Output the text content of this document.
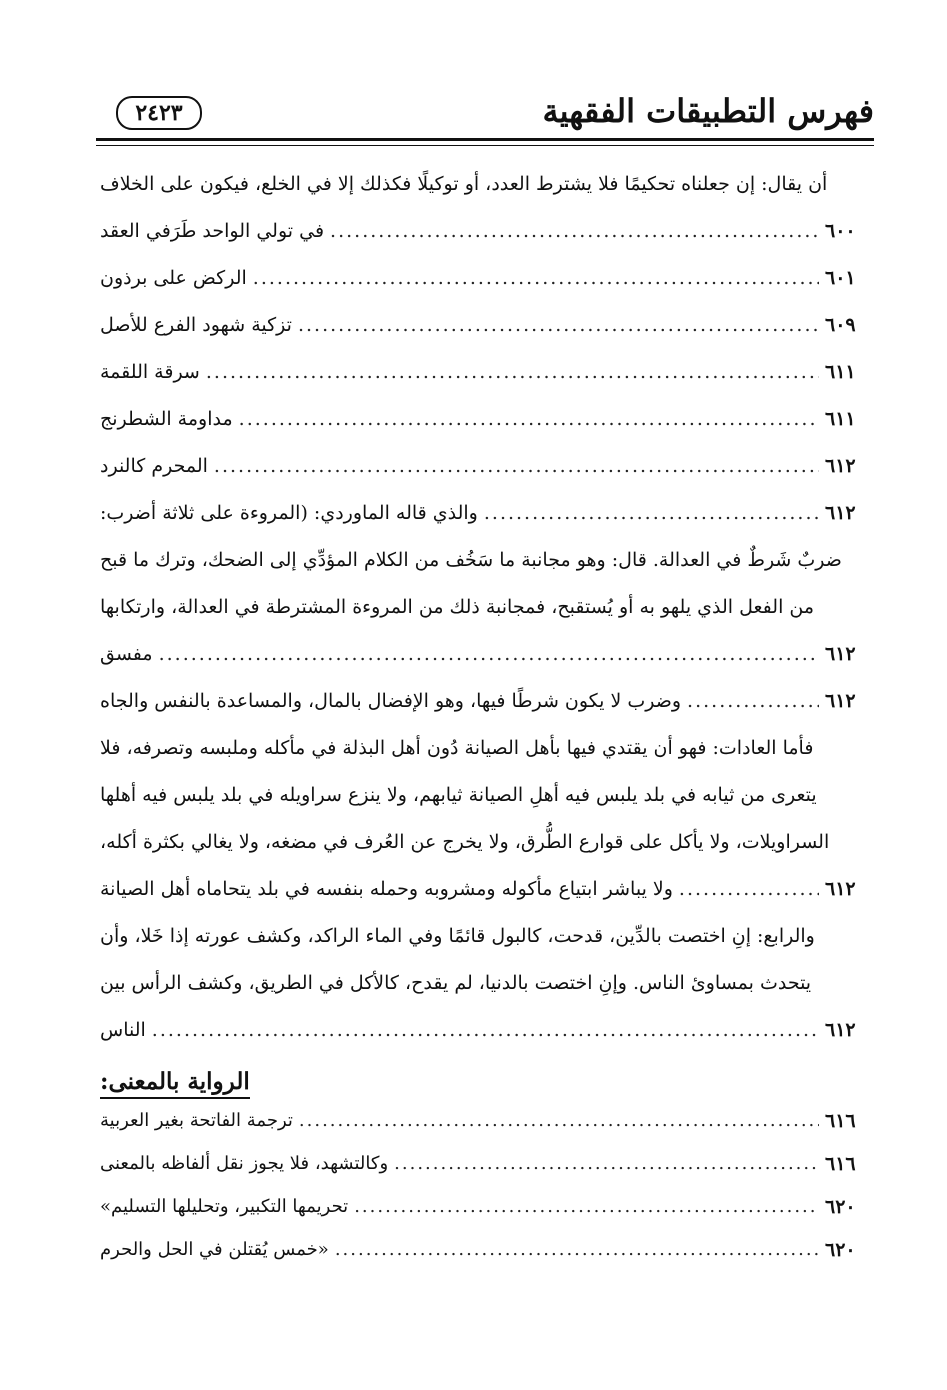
فهرس التطبيقات الفقهية
٢٤٢٣
أن يقال: إن جعلناه تحكيمًا فلا يشترط العدد، أو توكيلًا فكذلك إلا في الخلع، فيكون على الخلاف
في تولي الواحد طَرَفي العقد .....	٦٠٠
الركض على برذون .....	٦٠١
تزكية شهود الفرع للأصل .....	٦٠٩
سرقة اللقمة .....	٦١١
مداومة الشطرنج .....	٦١١
المحرم كالنرد .....	٦١٢
والذي قاله الماوردي: (المروءة على ثلاثة أضرب: .....	٦١٢
ضربٌ شَرطٌ في العدالة. قال: وهو مجانبة ما سَخُف من الكلام المؤدِّي إلى الضحك، وترك ما قبح
من الفعل الذي يلهو به أو يُستقبح، فمجانبة ذلك من المروءة المشترطة في العدالة، وارتكابها
مفسق .....	٦١٢
وضرب لا يكون شرطًا فيها، وهو الإفضال بالمال، والمساعدة بالنفس والجاه .....	٦١٢
فأما العادات: فهو أن يقتدي فيها بأهل الصيانة دُون أهل البذلة في مأكله وملبسه وتصرفه، فلا
يتعرى من ثيابه في بلد يلبس فيه أهلِ الصيانة ثيابهم، ولا ينزع سراويله في بلد يلبس فيه أهلها
السراويلات، ولا يأكل على قوارع الطُّرق، ولا يخرج عن العُرف في مضغه، ولا يغالي بكثرة أكله،
ولا يباشر ابتياع مأكوله ومشروبه وحمله بنفسه في بلد يتحاماه أهل الصيانة .....	٦١٢
والرابع: إنِ اختصت بالدِّين، قدحت، كالبول قائمًا وفي الماء الراكد، وكشف عورته إذا خَلا، وأن
يتحدث بمساوئ الناس. وإنِ اختصت بالدنيا، لم يقدح، كالأكل في الطريق، وكشف الرأس بين
الناس .....	٦١٢
الرواية بالمعنى:
ترجمة الفاتحة بغير العربية .....	٦١٦
وكالتشهد، فلا يجوز نقل ألفاظه بالمعنى .....	٦١٦
تحريمها التكبير، وتحليلها التسليم» .....	٦٢٠
«خمس يُقتلن في الحل والحرم .....	٦٢٠
